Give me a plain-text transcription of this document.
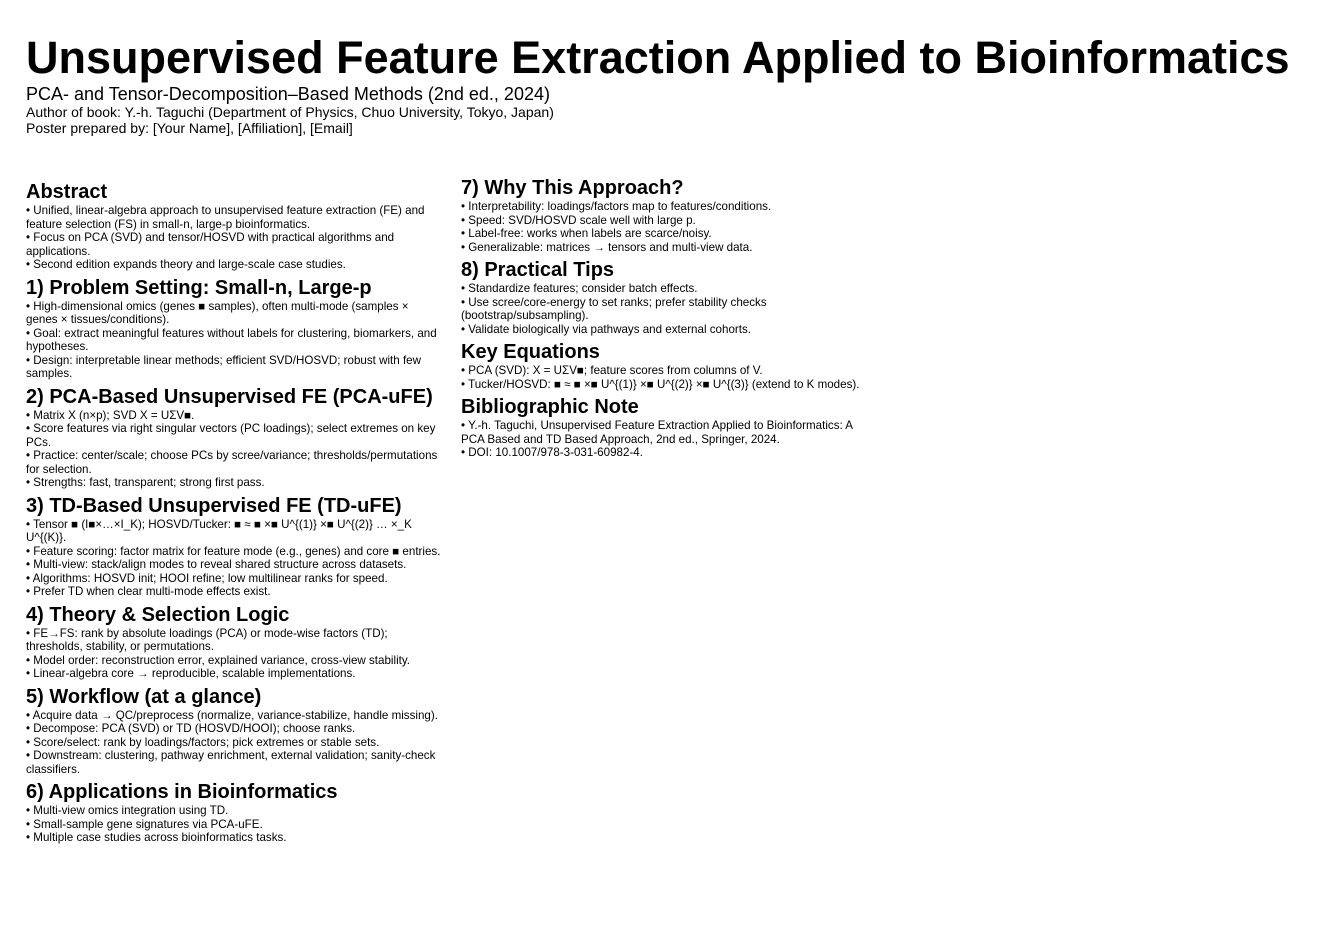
Unsupervised Feature Extraction Applied to Bioinformatics
PCA- and Tensor-Decomposition–Based Methods (2nd ed., 2024)
Author of book: Y.-h. Taguchi (Department of Physics, Chuo University, Tokyo, Japan)
Poster prepared by: [Your Name], [Affiliation], [Email]
Abstract
• Unified, linear-algebra approach to unsupervised feature extraction (FE) and feature selection (FS) in small-n, large-p bioinformatics.
• Focus on PCA (SVD) and tensor/HOSVD with practical algorithms and applications.
• Second edition expands theory and large-scale case studies.
1) Problem Setting: Small-n, Large-p
• High-dimensional omics (genes ■ samples), often multi-mode (samples × genes × tissues/conditions).
• Goal: extract meaningful features without labels for clustering, biomarkers, and hypotheses.
• Design: interpretable linear methods; efficient SVD/HOSVD; robust with few samples.
2) PCA-Based Unsupervised FE (PCA-uFE)
• Matrix X (n×p); SVD X = UΣV■.
• Score features via right singular vectors (PC loadings); select extremes on key PCs.
• Practice: center/scale; choose PCs by scree/variance; thresholds/permutations for selection.
• Strengths: fast, transparent; strong first pass.
3) TD-Based Unsupervised FE (TD-uFE)
• Tensor ■ (I■×…×I_K); HOSVD/Tucker: ■ ≈ ■ ×■ U^{(1)} ×■ U^{(2)} … ×_K U^{(K)}.
• Feature scoring: factor matrix for feature mode (e.g., genes) and core ■ entries.
• Multi-view: stack/align modes to reveal shared structure across datasets.
• Algorithms: HOSVD init; HOOI refine; low multilinear ranks for speed.
• Prefer TD when clear multi-mode effects exist.
4) Theory & Selection Logic
• FE→FS: rank by absolute loadings (PCA) or mode-wise factors (TD); thresholds, stability, or permutations.
• Model order: reconstruction error, explained variance, cross-view stability.
• Linear-algebra core → reproducible, scalable implementations.
5) Workflow (at a glance)
• Acquire data → QC/preprocess (normalize, variance-stabilize, handle missing).
• Decompose: PCA (SVD) or TD (HOSVD/HOOI); choose ranks.
• Score/select: rank by loadings/factors; pick extremes or stable sets.
• Downstream: clustering, pathway enrichment, external validation; sanity-check classifiers.
6) Applications in Bioinformatics
• Multi-view omics integration using TD.
• Small-sample gene signatures via PCA-uFE.
• Multiple case studies across bioinformatics tasks.
7) Why This Approach?
• Interpretability: loadings/factors map to features/conditions.
• Speed: SVD/HOSVD scale well with large p.
• Label-free: works when labels are scarce/noisy.
• Generalizable: matrices → tensors and multi-view data.
8) Practical Tips
• Standardize features; consider batch effects.
• Use scree/core-energy to set ranks; prefer stability checks (bootstrap/subsampling).
• Validate biologically via pathways and external cohorts.
Key Equations
• PCA (SVD): X = UΣV■; feature scores from columns of V.
• Tucker/HOSVD: ■ ≈ ■ ×■ U^{(1)} ×■ U^{(2)} ×■ U^{(3)} (extend to K modes).
Bibliographic Note
• Y.-h. Taguchi, Unsupervised Feature Extraction Applied to Bioinformatics: A PCA Based and TD Based Approach, 2nd ed., Springer, 2024.
• DOI: 10.1007/978-3-031-60982-4.
